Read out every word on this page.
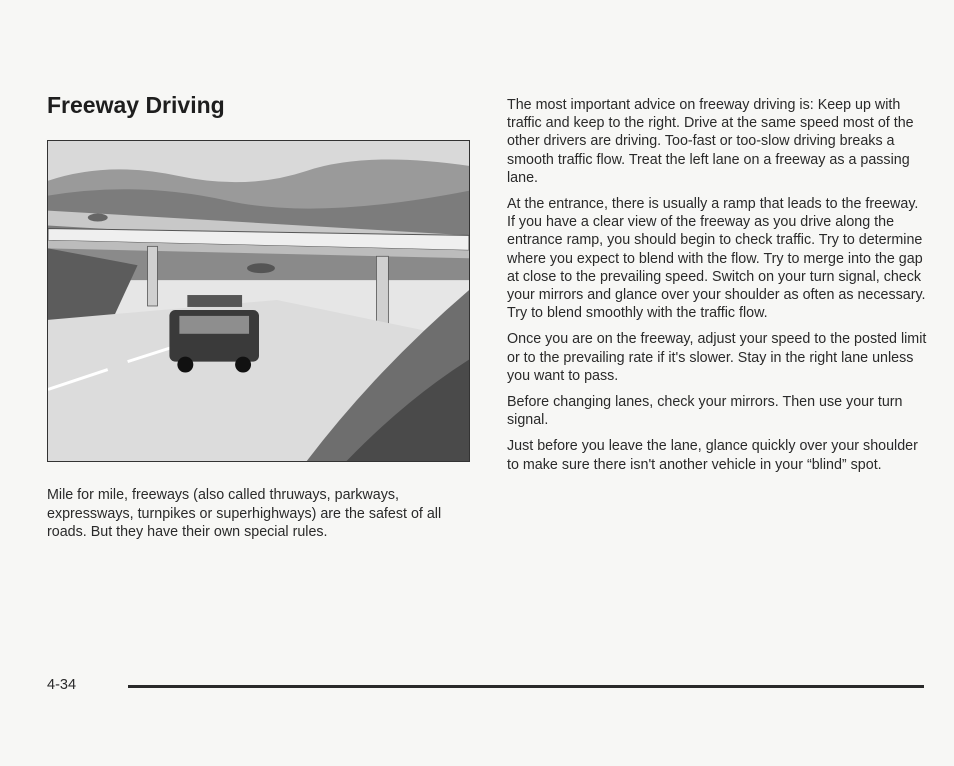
Freeway Driving

Mile for mile, freeways (also called thruways, parkways, expressways, turnpikes or superhighways) are the safest of all roads. But they have their own special rules.

The most important advice on freeway driving is: Keep up with traffic and keep to the right. Drive at the same speed most of the other drivers are driving. Too-fast or too-slow driving breaks a smooth traffic flow. Treat the left lane on a freeway as a passing lane.

At the entrance, there is usually a ramp that leads to the freeway. If you have a clear view of the freeway as you drive along the entrance ramp, you should begin to check traffic. Try to determine where you expect to blend with the flow. Try to merge into the gap at close to the prevailing speed. Switch on your turn signal, check your mirrors and glance over your shoulder as often as necessary. Try to blend smoothly with the traffic flow.

Once you are on the freeway, adjust your speed to the posted limit or to the prevailing rate if it's slower. Stay in the right lane unless you want to pass.

Before changing lanes, check your mirrors. Then use your turn signal.

Just before you leave the lane, glance quickly over your shoulder to make sure there isn't another vehicle in your “blind” spot.

4-34
